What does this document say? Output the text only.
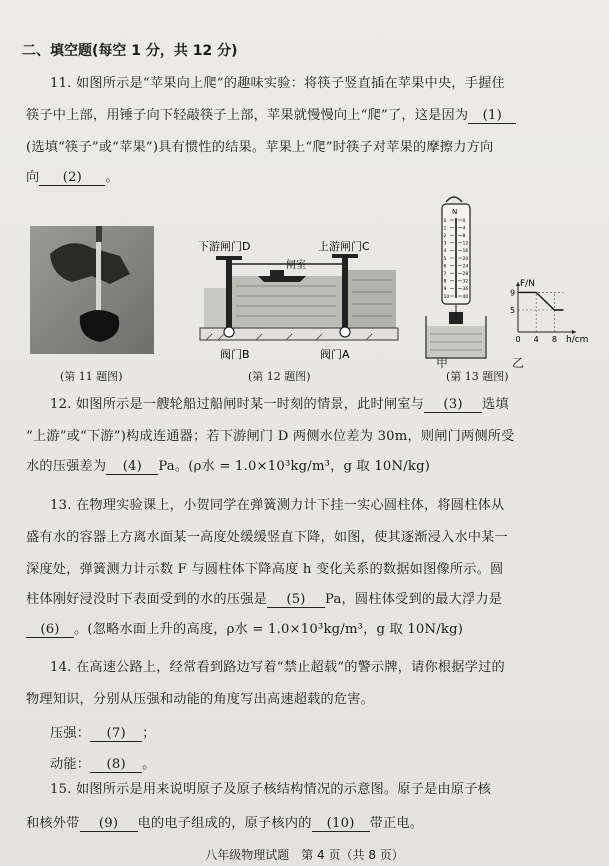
二、填空题(每空 1 分，共 12 分)
11. 如图所示是“苹果向上爬”的趣味实验：将筷子竖直插在苹果中央，手握住
筷子中上部，用锤子向下轻敲筷子上部，苹果就慢慢向上“爬”了，这是因为 (1)
(选填“筷子”或“苹果”)具有惯性的结果。苹果上“爬”时筷子对苹果的摩擦力方向
向 (2) 。
(第 11 题图)
下游闸门D
闸室
上游闸门C
阀门B	阀门A
(第 12 题图)
N
0	0
1	4
2	8
3	12
4	16
5	20
6	24
7	28
8	32
9	36
10	40
甲
F/N
h/cm
9
5
0 4 8
乙
(第 13 题图)
12. 如图所示是一艘轮船过船闸时某一时刻的情景，此时闸室与 (3) 选填
“上游”或“下游”)构成连通器；若下游闸门 D 两侧水位差为 30m，则闸门两侧所受
水的压强差为 (4) Pa。(ρ水 = 1.0×10³kg/m³，g 取 10N/kg)
13. 在物理实验课上，小贺同学在弹簧测力计下挂一实心圆柱体，将圆柱体从
盛有水的容器上方离水面某一高度处缓缓竖直下降，如图，使其逐渐浸入水中某一
深度处，弹簧测力计示数 F 与圆柱体下降高度 h 变化关系的数据如图像所示。圆
柱体刚好浸没时下表面受到的水的压强是 (5) Pa，圆柱体受到的最大浮力是
(6) 。(忽略水面上升的高度，ρ水 = 1.0×10³kg/m³，g 取 10N/kg)
14. 在高速公路上，经常看到路边写着“禁止超载”的警示牌，请你根据学过的
物理知识，分别从压强和动能的角度写出高速超载的危害。
压强： (7) ；
动能： (8) 。
15. 如图所示是用来说明原子及原子核结构情况的示意图。原子是由原子核
八年级物理试题　第 4 页（共 8 页）
和核外带 (9) 电的电子组成的，原子核内的 (10) 带正电。
